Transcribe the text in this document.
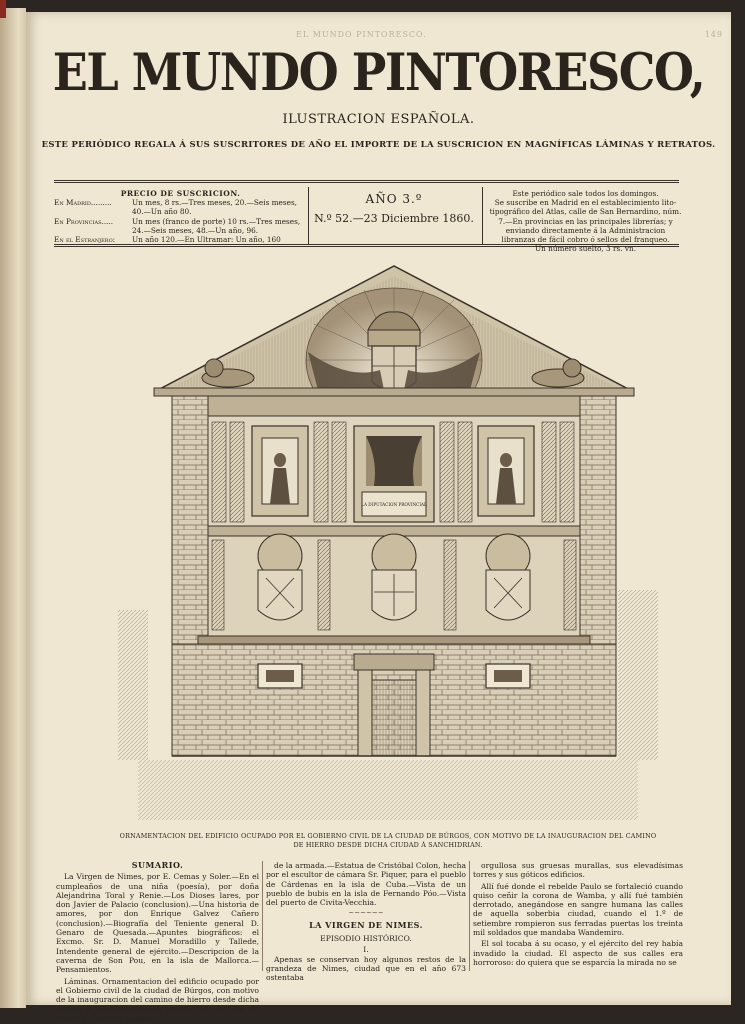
EL MUNDO PINTORESCO.	149
EL MUNDO PINTORESCO,
ILUSTRACION ESPAÑOLA.
ESTE PERIÓDICO REGALA Á SUS SUSCRITORES DE AÑO EL IMPORTE DE LA SUSCRICION EN MAGNÍFICAS LÁMINAS Y RETRATOS.
PRECIO DE SUSCRICION.
En Madrid.........	Un mes, 8 rs.—Tres meses, 20.—Seis meses, 40.—Un año 80.
En Provincias.....	Un mes (franco de porte) 10 rs.—Tres meses, 24.—Seis meses, 48.—Un año, 96.
En el Estranjero:	Un año 120.—En Ultramar: Un año, 160
AÑO 3.º
N.º 52.—23 Diciembre 1860.
Este periódico sale todos los domingos.
Se suscribe en Madrid en el establecimiento lito-tipográfico del Atlas, calle de San Bernardino, núm. 7.—En provincias en las principales librerías; y enviando directamente á la Administracion libranzas de fácil cobro ó sellos del franqueo.
Un número suelto, 3 rs. vn.
LA DIPUTACION PROVINCIAL
ORNAMENTACION DEL EDIFICIO OCUPADO POR EL GOBIERNO CIVIL DE LA CIUDAD DE BÚRGOS, CON MOTIVO DE LA INAUGURACION DEL CAMINO DE HIERRO DESDE DICHA CIUDAD Á SANCHIDRIAN.
SUMARIO.

La Virgen de Nimes, por E. Cemas y Soler.—En el cumpleaños de una niña (poesía), por doña Alejandrina Toral y Renie.—Los Dioses lares, por don Javier de Palacio (conclusion).—Una historia de amores, por don Enrique Galvez Cañero (conclusion).—Biografía del Teniente general D. Genaro de Quesada.—Apuntes biográficos: el Excmo. Sr. D. Manuel Moradillo y Tallede, Intendente general de ejército.—Descripcion de la caverna de Son Pou, en la isla de Mallorca.—Pensamientos.

Láminas. Ornamentacion del edificio ocupado por el Gobierno civil de la ciudad de Búrgos, con motivo de la inauguracion del camino de hierro desde dicha ciudad á Sanchidrian.—El Excmo. Sr. D. José de Bustillo, Teniente general

de la armada.—Estatua de Cristóbal Colon, hecha por el escultor de cámara Sr. Piquer, para el pueblo de Cárdenas en la isla de Cuba.—Vista de un pueblo de bubis en la isla de Fernando Póo.—Vista del puerto de Civita-Vecchia.

~~~~~~
LA VIRGEN DE NIMES.
EPISODIO HISTÓRICO.
I.

Apenas se conservan hoy algunos restos de la grandeza de Nimes, ciudad que en el año 673 ostentaba

orgullosa sus gruesas murallas, sus elevadísimas torres y sus góticos edificios.

Allí fué donde el rebelde Paulo se fortaleció cuando quiso ceñir la corona de Wamba, y allí fué también derrotado, anegándose en sangre humana las calles de aquella soberbia ciudad, cuando el 1.º de setiembre rompieron sus ferradas puertas los treinta mil soldados que mandaba Wandemiro.

El sol tocaba á su ocaso, y el ejército del rey había invadido la ciudad. El aspecto de sus calles era horroroso: do quiera que se esparcía la mirada no se
